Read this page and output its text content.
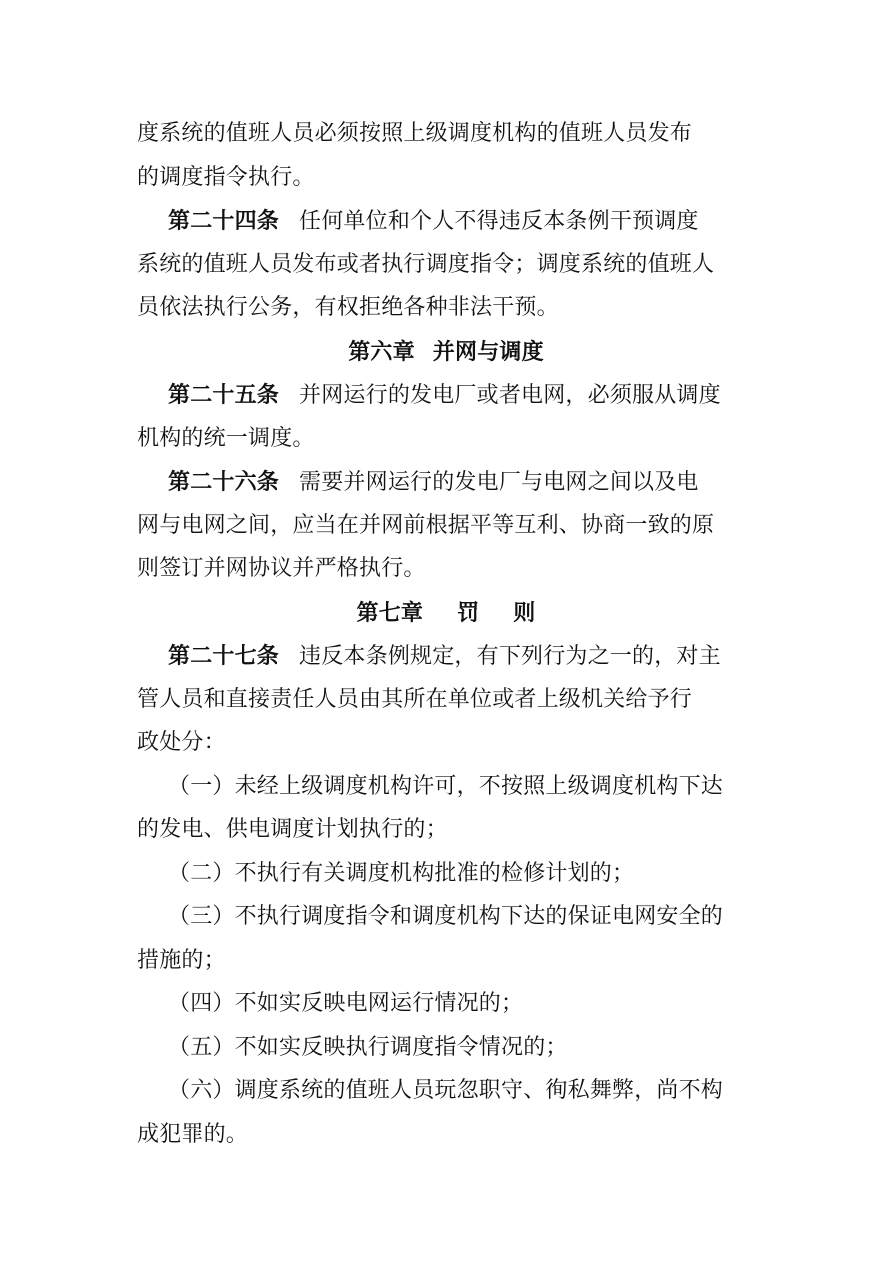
度系统的值班人员必须按照上级调度机构的值班人员发布
的调度指令执行。
第二十四条 任何单位和个人不得违反本条例干预调度
系统的值班人员发布或者执行调度指令；调度系统的值班人
员依法执行公务，有权拒绝各种非法干预。
第六章 并网与调度
第二十五条 并网运行的发电厂或者电网，必须服从调度
机构的统一调度。
第二十六条 需要并网运行的发电厂与电网之间以及电
网与电网之间，应当在并网前根据平等互利、协商一致的原
则签订并网协议并严格执行。
第七章 罚 则
第二十七条 违反本条例规定，有下列行为之一的，对主
管人员和直接责任人员由其所在单位或者上级机关给予行
政处分：
（一）未经上级调度机构许可，不按照上级调度机构下达
的发电、供电调度计划执行的；
（二）不执行有关调度机构批准的检修计划的；
（三）不执行调度指令和调度机构下达的保证电网安全的
措施的；
（四）不如实反映电网运行情况的；
（五）不如实反映执行调度指令情况的；
（六）调度系统的值班人员玩忽职守、徇私舞弊，尚不构
成犯罪的。
